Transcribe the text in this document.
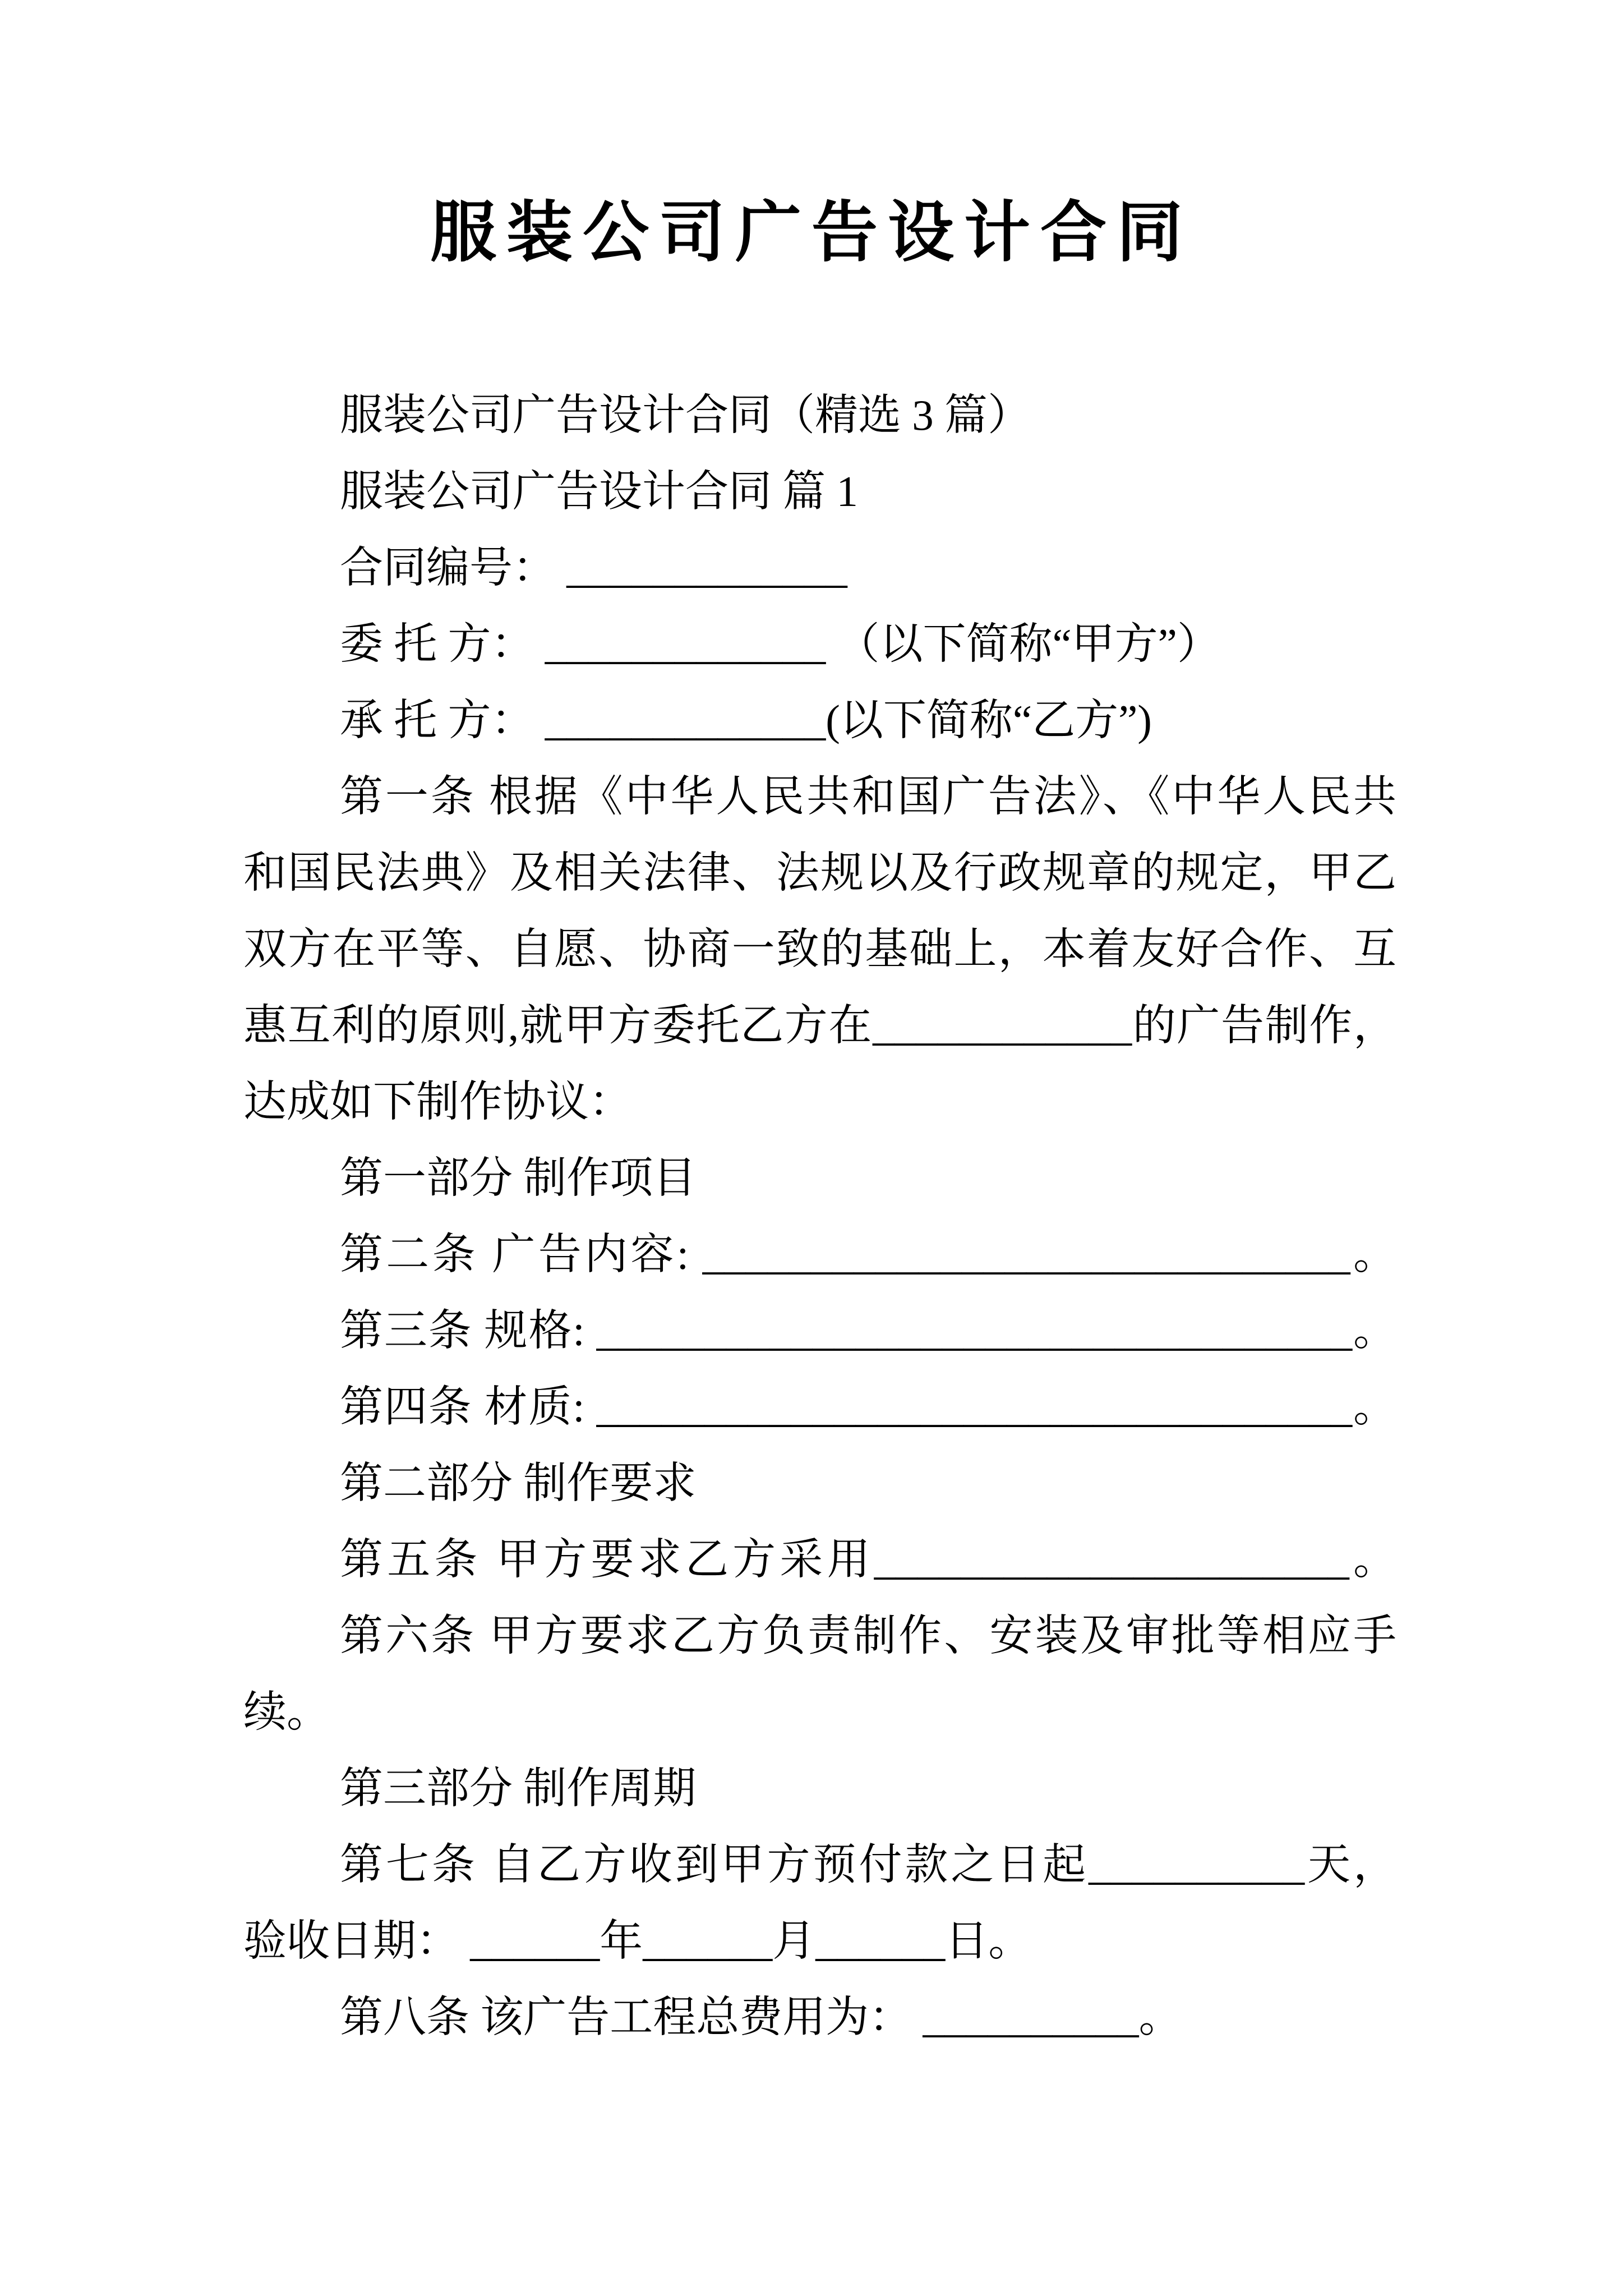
服装公司广告设计合同
服装公司广告设计合同（精选 3 篇）
服装公司广告设计合同 篇 1
合同编号： _____________
委 托 方： _____________ （以下简称“甲方”）
承 托 方： _____________(以下简称“乙方”)
第一条 根据《中华人民共和国广告法》、《中华人民共
和国民法典》及相关法律、法规以及行政规章的规定，甲乙
双方在平等、自愿、协商一致的基础上，本着友好合作、互
惠互利的原则,就甲方委托乙方在____________的广告制作，
达成如下制作协议：
第一部分 制作项目
第二条 广告内容: ______________________________。
第三条 规格: ___________________________________。
第四条 材质: ___________________________________。
第二部分 制作要求
第五条 甲方要求乙方采用______________________。
第六条 甲方要求乙方负责制作、安装及审批等相应手
续。
第三部分 制作周期
第七条 自乙方收到甲方预付款之日起__________天，
验收日期： ______年______月______日。
第八条 该广告工程总费用为： __________。
